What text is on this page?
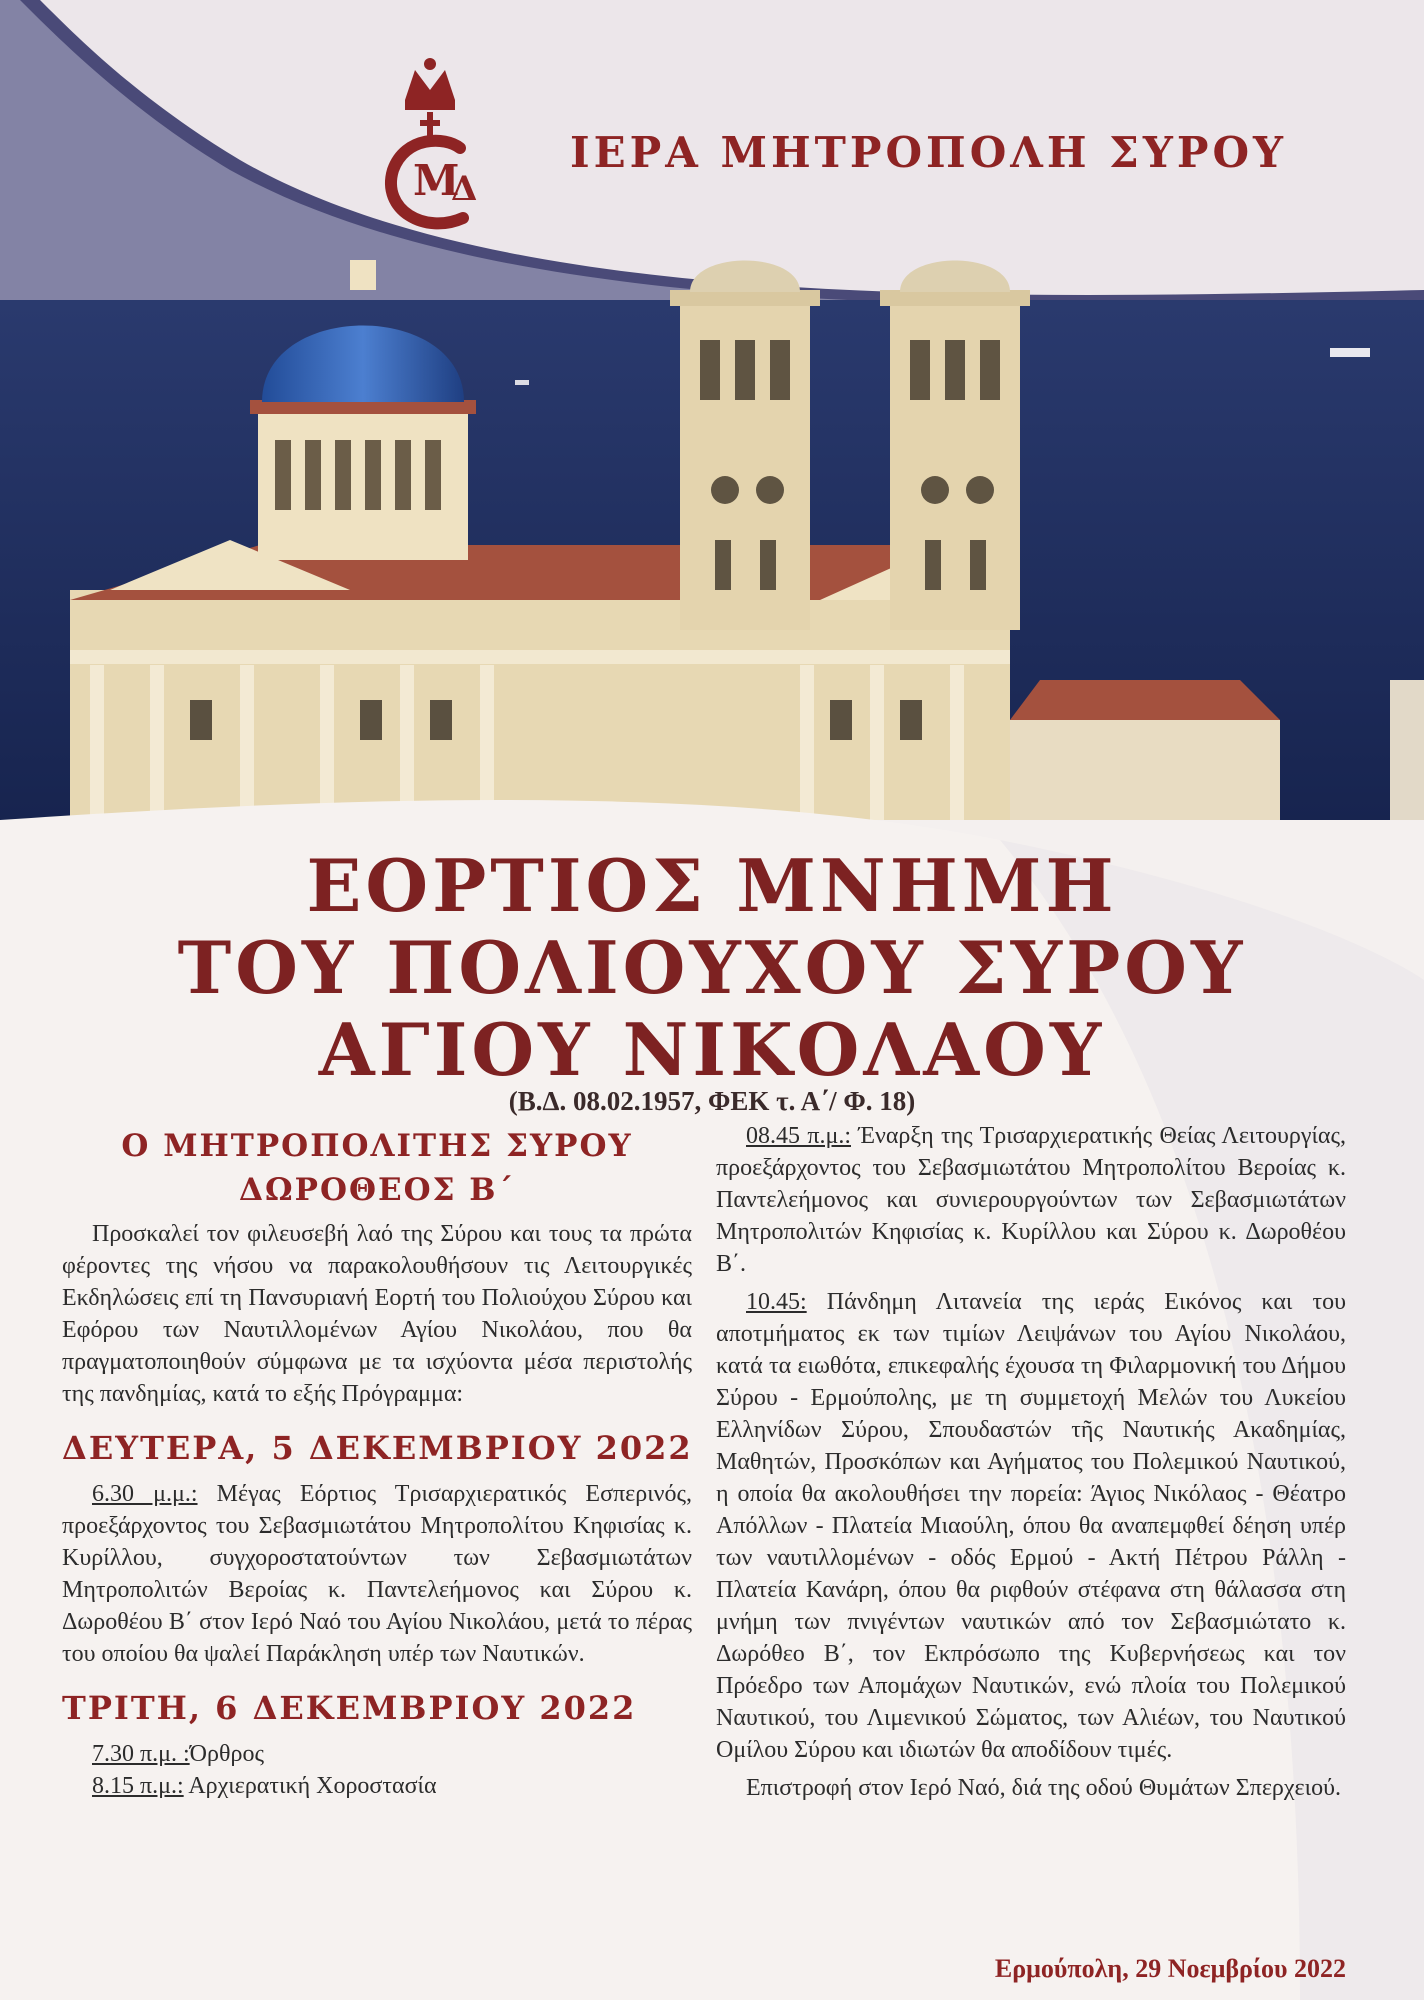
Μ
Δ
ΙΕΡΑ ΜΗΤΡΟΠΟΛΗ ΣΥΡΟΥ
ΕΟΡΤΙΟΣ ΜΝΗΜΗ
ΤΟΥ ΠΟΛΙΟΥΧΟΥ ΣΥΡΟΥ
ΑΓΙΟΥ ΝΙΚΟΛΑΟΥ
(Β.Δ. 08.02.1957, ΦΕΚ τ. Α΄/ Φ. 18)
Ο ΜΗΤΡΟΠΟΛΙΤΗΣ ΣΥΡΟΥ
ΔΩΡΟΘΕΟΣ Β΄

Προσκαλεί τον φιλευσεβή λαό της Σύρου και τους τα πρώτα φέροντες της νήσου να παρακολουθήσουν τις Λειτουργικές Εκδηλώσεις επί τη Πανσυριανή Εορτή του Πολιούχου Σύρου και Εφόρου των Ναυτιλλομένων Αγίου Νικολάου, που θα πραγματοποιηθούν σύμφωνα με τα ισχύοντα μέσα περιστολής της πανδημίας, κατά το εξής Πρόγραμμα:

ΔΕΥΤΕΡΑ, 5 ΔΕΚΕΜΒΡΙΟΥ 2022

6.30 μ.μ.: Μέγας Εόρτιος Τρισαρχιερατικός Εσπερινός, προεξάρχοντος του Σεβασμιωτάτου Μητροπολίτου Κηφισίας κ. Κυρίλλου, συγχοροστατούντων των Σεβασμιωτάτων Μητροπολιτών Βεροίας κ. Παντελεήμονος και Σύρου κ. Δωροθέου Β΄ στον Ιερό Ναό του Αγίου Νικολάου, μετά το πέρας του οποίου θα ψαλεί Παράκληση υπέρ των Ναυτικών.

ΤΡΙΤΗ, 6 ΔΕΚΕΜΒΡΙΟΥ 2022

7.30 π.μ. :Όρθρος

8.15 π.μ.: Αρχιερατική Χοροστασία

08.45 π.μ.: Έναρξη της Τρισαρχιερατικής Θείας Λειτουργίας, προεξάρχοντος του Σεβασμιωτάτου Μητροπολίτου Βεροίας κ. Παντελεήμονος και συνιερουργούντων των Σεβασμιωτάτων Μητροπολιτών Κηφισίας κ. Κυρίλλου και Σύρου κ. Δωροθέου Β΄.

10.45: Πάνδημη Λιτανεία της ιεράς Εικόνος και του αποτμήματος εκ των τιμίων Λειψάνων του Αγίου Νικολάου, κατά τα ειωθότα, επικεφαλής έχουσα τη Φιλαρμονική του Δήμου Σύρου - Ερμούπολης, με τη συμμετοχή Μελών του Λυκείου Ελληνίδων Σύρου, Σπουδαστών τῆς Ναυτικής Ακαδημίας, Μαθητών, Προσκόπων και Αγήματος του Πολεμικού Ναυτικού, η οποία θα ακολουθήσει την πορεία: Άγιος Νικόλαος - Θέατρο Απόλλων - Πλατεία Μιαούλη, όπου θα αναπεμφθεί δέηση υπέρ των ναυτιλλομένων - οδός Ερμού - Ακτή Πέτρου Ράλλη - Πλατεία Κανάρη, όπου θα ριφθούν στέφανα στη θάλασσα στη μνήμη των πνιγέντων ναυτικών από τον Σεβασμιώτατο κ. Δωρόθεο Β΄, τον Εκπρόσωπο της Κυβερνήσεως και τον Πρόεδρο των Απομάχων Ναυτικών, ενώ πλοία του Πολεμικού Ναυτικού, του Λιμενικού Σώματος, των Αλιέων, του Ναυτικού Ομίλου Σύρου και ιδιωτών θα αποδίδουν τιμές.

Επιστροφή στον Ιερό Ναό, διά της οδού Θυμάτων Σπερχειού.

Ερμούπολη, 29 Νοεμβρίου 2022
